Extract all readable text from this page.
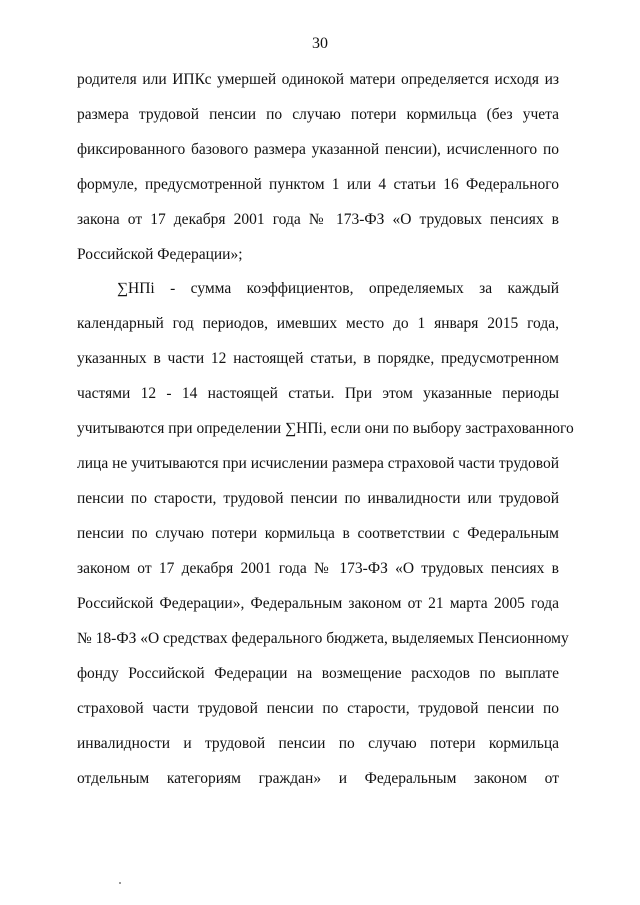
30
родителя или ИПКс умершей одинокой матери определяется исходя из
размера трудовой пенсии по случаю потери кормильца (без учета
фиксированного базового размера указанной пенсии), исчисленного по
формуле, предусмотренной пунктом 1 или 4 статьи 16 Федерального
закона от 17 декабря 2001 года № 173-ФЗ «О трудовых пенсиях в
Российской Федерации»;
∑НПi - сумма коэффициентов, определяемых за каждый
календарный год периодов, имевших место до 1 января 2015 года,
указанных в части 12 настоящей статьи, в порядке, предусмотренном
частями 12 - 14 настоящей статьи. При этом указанные периоды
учитываются при определении ∑НПi, если они по выбору застрахованного
лица не учитываются при исчислении размера страховой части трудовой
пенсии по старости, трудовой пенсии по инвалидности или трудовой
пенсии по случаю потери кормильца в соответствии с Федеральным
законом от 17 декабря 2001 года № 173-ФЗ «О трудовых пенсиях в
Российской Федерации», Федеральным законом от 21 марта 2005 года
№ 18-ФЗ «О средствах федерального бюджета, выделяемых Пенсионному
фонду Российской Федерации на возмещение расходов по выплате
страховой части трудовой пенсии по старости, трудовой пенсии по
инвалидности и трудовой пенсии по случаю потери кормильца
отдельным категориям граждан» и Федеральным законом от
